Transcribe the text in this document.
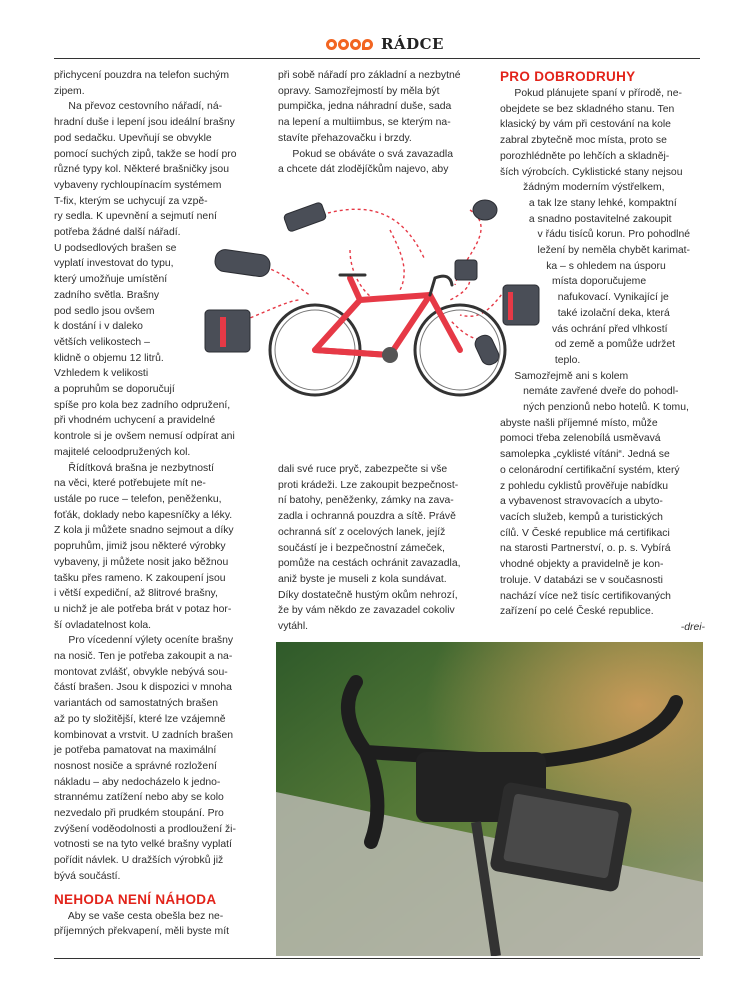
RÁDCE

přichycení pouzdra na telefon suchým

zipem.

Na převoz cestovního nářadí, ná-

hradní duše i lepení jsou ideální brašny

pod sedačku. Upevňují se obvykle

pomocí suchých zipů, takže se hodí pro

různé typy kol. Některé brašničky jsou

vybaveny rychloupínacím systémem

T-fix, kterým se uchycují za vzpě-

ry sedla. K upevnění a sejmutí není

potřeba žádné další nářadí.

U podsedlových brašen se

vyplatí investovat do typu,

který umožňuje umístění

zadního světla. Brašny

pod sedlo jsou ovšem

k dostání i v daleko

větších velikostech –

klidně o objemu 12 litrů.

Vzhledem k velikosti

a popruhům se doporučují

spíše pro kola bez zadního odpružení,

při vhodném uchycení a pravidelné

kontrole si je ovšem nemusí odpírat ani

majitelé celoodpružených kol.

Řídítková brašna je nezbytností

na věci, které potřebujete mít ne-

ustále po ruce – telefon, peněženku,

foťák, doklady nebo kapesníčky a léky.

Z kola ji můžete snadno sejmout a díky

popruhům, jimiž jsou některé výrobky

vybaveny, ji můžete nosit jako běžnou

tašku přes rameno. K zakoupení jsou

i větší expediční, až 8litrové brašny,

u nichž je ale potřeba brát v potaz hor-

ší ovladatelnost kola.

Pro vícedenní výlety oceníte brašny

na nosič. Ten je potřeba zakoupit a na-

montovat zvlášť, obvykle nebývá sou-

částí brašen. Jsou k dispozici v mnoha

variantách od samostatných brašen

až po ty složitější, které lze vzájemně

kombinovat a vrstvit. U zadních brašen

je potřeba pamatovat na maximální

nosnost nosiče a správné rozložení

nákladu – aby nedocházelo k jedno-

strannému zatížení nebo aby se kolo

nezvedalo při prudkém stoupání. Pro

zvýšení voděodolnosti a prodloužení ži-

votnosti se na tyto velké brašny vyplatí

pořídit návlek. U dražších výrobků již

bývá součástí.

NEHODA NENÍ NÁHODA

Aby se vaše cesta obešla bez ne-

příjemných překvapení, měli byste mít

při sobě nářadí pro základní a nezbytné

opravy. Samozřejmostí by měla být

pumpička, jedna náhradní duše, sada

na lepení a multiimbus, se kterým na-

stavíte přehazovačku i brzdy.

Pokud se obáváte o svá zavazadla

a chcete dát zlodějíčkům najevo, aby

dali své ruce pryč, zabezpečte si vše

proti krádeži. Lze zakoupit bezpečnost-

ní batohy, peněženky, zámky na zava-

zadla i ochranná pouzdra a sítě. Právě

ochranná síť z ocelových lanek, jejíž

součástí je i bezpečnostní zámeček,

pomůže na cestách ochránit zavazadla,

aniž byste je museli z kola sundávat.

Díky dostatečně hustým okům nehrozí,

že by vám někdo ze zavazadel cokoliv

vytáhl.

PRO DOBRODRUHY

Pokud plánujete spaní v přírodě, ne-

obejdete se bez skladného stanu. Ten

klasický by vám při cestování na kole

zabral zbytečně moc místa, proto se

porozhlédněte po lehčích a skladněj-

ších výrobcích. Cyklistické stany nejsou

žádným moderním výstřelkem,

a tak lze stany lehké, kompaktní

a snadno postavitelné zakoupit

v řádu tisíců korun. Pro pohodlné

ležení by neměla chybět karimat-

ka – s ohledem na úsporu

místa doporučujeme

nafukovací. Vynikající je

také izolační deka, která

vás ochrání před vlhkostí

od země a pomůže udržet

teplo.

Samozřejmě ani s kolem

nemáte zavřené dveře do pohodl-

ných penzionů nebo hotelů. K tomu,

abyste našli příjemné místo, může

pomoci třeba zelenobílá usměvavá

samolepka „cyklisté vítáni“. Jedná se

o celonárodní certifikační systém, který

z pohledu cyklistů prověřuje nabídku

a vybavenost stravovacích a ubyto-

vacích služeb, kempů a turistických

cílů. V České republice má certifikaci

na starosti Partnerství, o. p. s. Vybírá

vhodné objekty a pravidelně je kon-

troluje. V databázi se v současnosti

nachází více než tisíc certifikovaných

zařízení po celé České republice.

-drei-
